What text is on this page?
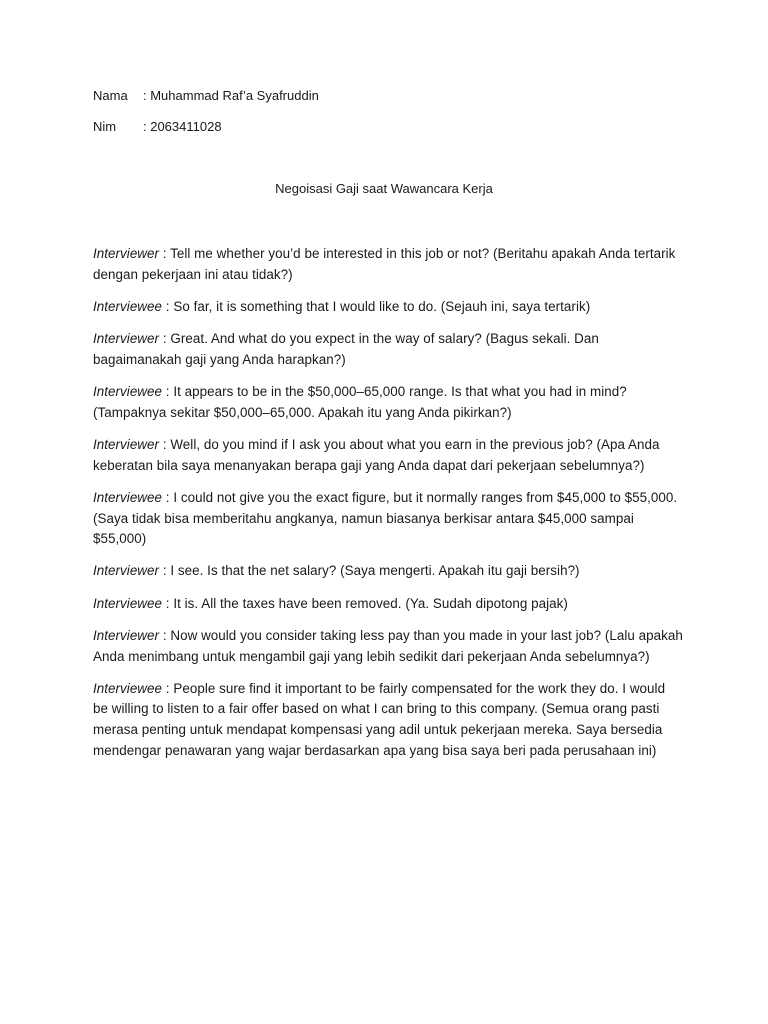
Nama : Muhammad Raf’a Syafruddin
Nim : 2063411028
Negoisasi Gaji saat Wawancara Kerja

Interviewer : Tell me whether you’d be interested in this job or not? (Beritahu apakah Anda tertarik dengan pekerjaan ini atau tidak?)

Interviewee : So far, it is something that I would like to do. (Sejauh ini, saya tertarik)

Interviewer : Great. And what do you expect in the way of salary? (Bagus sekali. Dan bagaimanakah gaji yang Anda harapkan?)

Interviewee : It appears to be in the $50,000–65,000 range. Is that what you had in mind? (Tampaknya sekitar $50,000–65,000. Apakah itu yang Anda pikirkan?)

Interviewer : Well, do you mind if I ask you about what you earn in the previous job? (Apa Anda keberatan bila saya menanyakan berapa gaji yang Anda dapat dari pekerjaan sebelumnya?)

Interviewee : I could not give you the exact figure, but it normally ranges from $45,000 to $55,000. (Saya tidak bisa memberitahu angkanya, namun biasanya berkisar antara $45,000 sampai $55,000)

Interviewer : I see. Is that the net salary? (Saya mengerti. Apakah itu gaji bersih?)

Interviewee : It is. All the taxes have been removed. (Ya. Sudah dipotong pajak)

Interviewer : Now would you consider taking less pay than you made in your last job? (Lalu apakah Anda menimbang untuk mengambil gaji yang lebih sedikit dari pekerjaan Anda sebelumnya?)

Interviewee : People sure find it important to be fairly compensated for the work they do. I would be willing to listen to a fair offer based on what I can bring to this company. (Semua orang pasti merasa penting untuk mendapat kompensasi yang adil untuk pekerjaan mereka. Saya bersedia mendengar penawaran yang wajar berdasarkan apa yang bisa saya beri pada perusahaan ini)
